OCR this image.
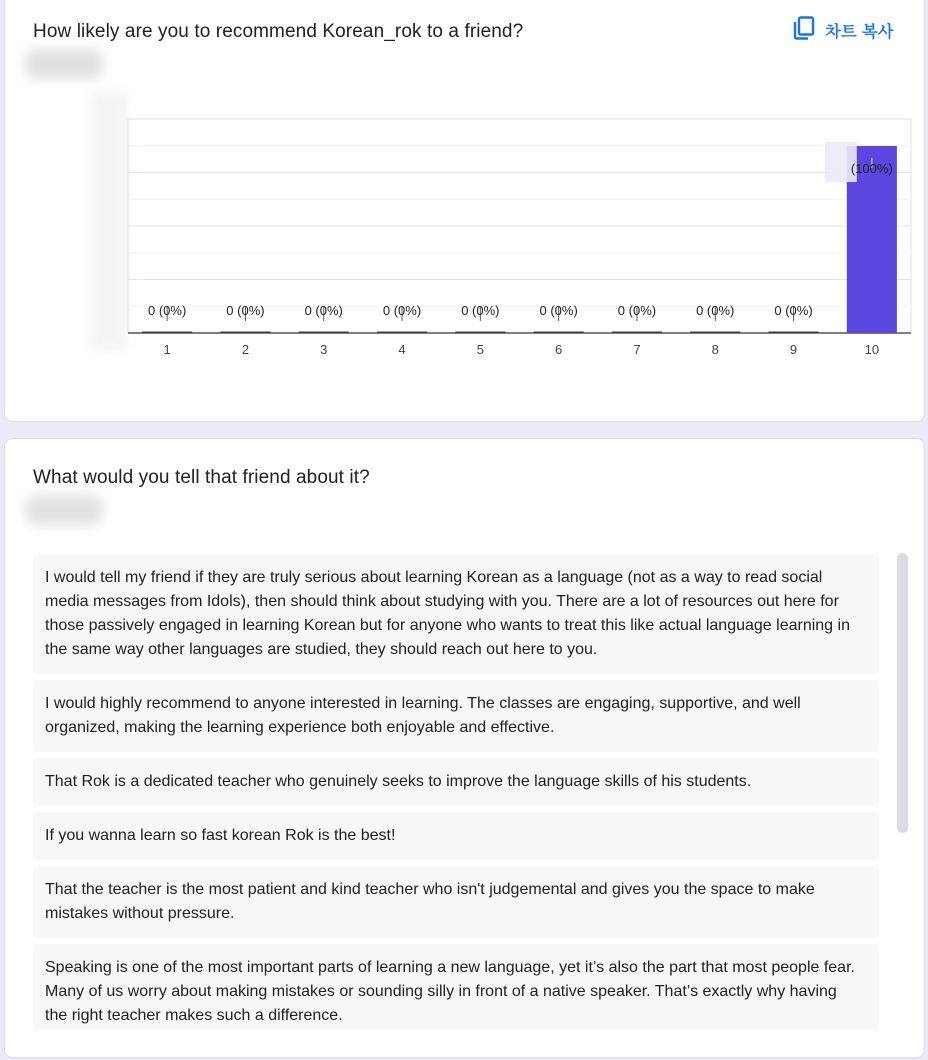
How likely are you to recommend Korean_rok to a friend?	차트 복사
0 (0%)	0 (0%)	0 (0%)	0 (0%)	0 (0%)	0 (0%)	0 (0%)	0 (0%)	0 (0%)
(100%)
1	2	3	4	5	6	7	8	9	10
What would you tell that friend about it?
I would tell my friend if they are truly serious about learning Korean as a language (not as a way to read social media messages from Idols), then should think about studying with you. There are a lot of resources out here for those passively engaged in learning Korean but for anyone who wants to treat this like actual language learning in the same way other languages are studied, they should reach out here to you.
I would highly recommend to anyone interested in learning. The classes are engaging, supportive, and well organized, making the learning experience both enjoyable and effective.
That Rok is a dedicated teacher who genuinely seeks to improve the language skills of his students.
If you wanna learn so fast korean Rok is the best!
That the teacher is the most patient and kind teacher who isn't judgemental and gives you the space to make mistakes without pressure.
Speaking is one of the most important parts of learning a new language, yet it’s also the part that most people fear. Many of us worry about making mistakes or sounding silly in front of a native speaker. That’s exactly why having the right teacher makes such a difference.
